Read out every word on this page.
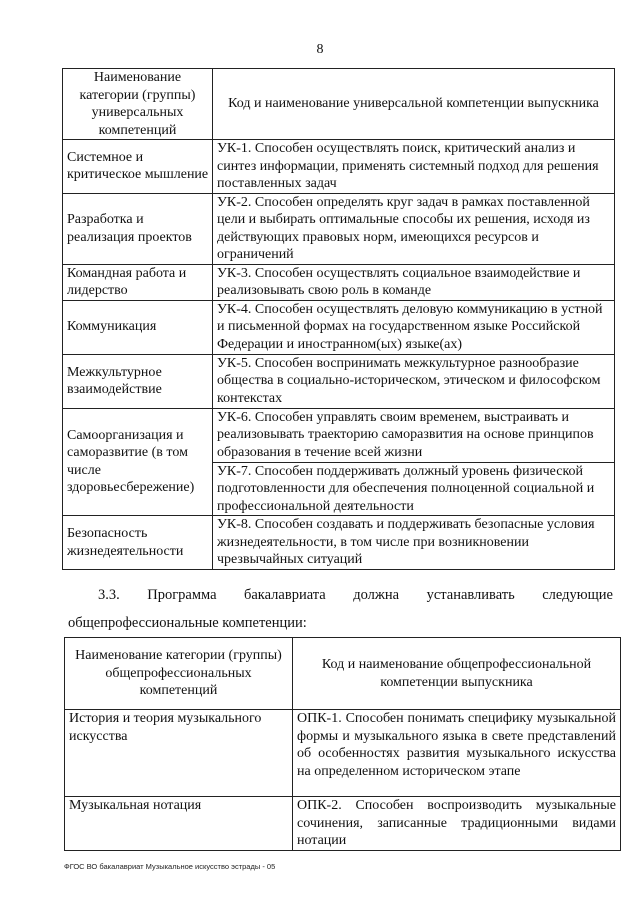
8
Наименование категории (группы) универсальных компетенций	Код и наименование универсальной компетенции выпускника
Системное и критическое мышление	УК-1. Способен осуществлять поиск, критический анализ и синтез информации, применять системный подход для решения поставленных задач
Разработка и реализация проектов	УК-2. Способен определять круг задач в рамках поставленной цели и выбирать оптимальные способы их решения, исходя из действующих правовых норм, имеющихся ресурсов и ограничений
Командная работа и лидерство	УК-3. Способен осуществлять социальное взаимодействие и реализовывать свою роль в команде
Коммуникация	УК-4. Способен осуществлять деловую коммуникацию в устной и письменной формах на государственном языке Российской Федерации и иностранном(ых) языке(ах)
Межкультурное взаимодействие	УК-5. Способен воспринимать межкультурное разнообразие общества в социально-историческом, этическом и философском контекстах
Самоорганизация и саморазвитие (в том числе здоровьесбережение)	УК-6. Способен управлять своим временем, выстраивать и реализовывать траекторию саморазвития на основе принципов образования в течение всей жизни
	УК-7. Способен поддерживать должный уровень физической подготовленности для обеспечения полноценной социальной и профессиональной деятельности
Безопасность жизнедеятельности	УК-8. Способен создавать и поддерживать безопасные условия жизнедеятельности, в том числе при возникновении чрезвычайных ситуаций
3.3. Программа бакалавриата должна устанавливать следующие
общепрофессиональные компетенции:
Наименование категории (группы) общепрофессиональных компетенций	Код и наименование общепрофессиональной компетенции выпускника
История и теория музыкального искусства	ОПК-1. Способен понимать специфику музыкальной формы и музыкального языка в свете представлений об особенностях развития музыкального искусства на определенном историческом этапе
Музыкальная нотация	ОПК-2. Способен воспроизводить музыкальные сочинения, записанные традиционными видами нотации
ФГОС ВО бакалавриат Музыкальное искусство эстрады - 05
